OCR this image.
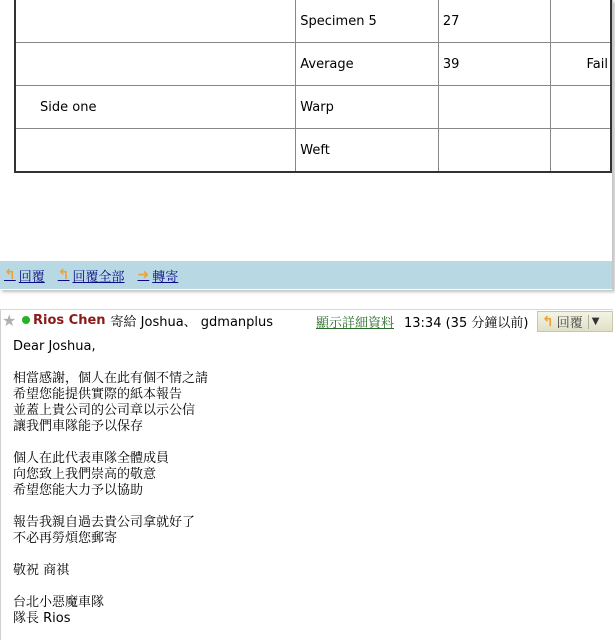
	Specimen 5	27	
	Average	39	Fail
Side one	Warp		
	Weft		
↰ 回覆 ↰ 回覆全部 ➜ 轉寄
★ Rios Chen 寄給 Joshua、 gdmanplus	顯示詳細資料 13:34 (35 分鐘以前) ↰ 回覆 ▼
Dear Joshua,
相當感謝，個人在此有個不情之請
希望您能提供實際的紙本報告
並蓋上貴公司的公司章以示公信
讓我們車隊能予以保存
個人在此代表車隊全體成員
向您致上我們崇高的敬意
希望您能大力予以協助
報告我親自過去貴公司拿就好了
不必再勞煩您郵寄
敬祝 商祺
台北小惡魔車隊
隊長 Rios
